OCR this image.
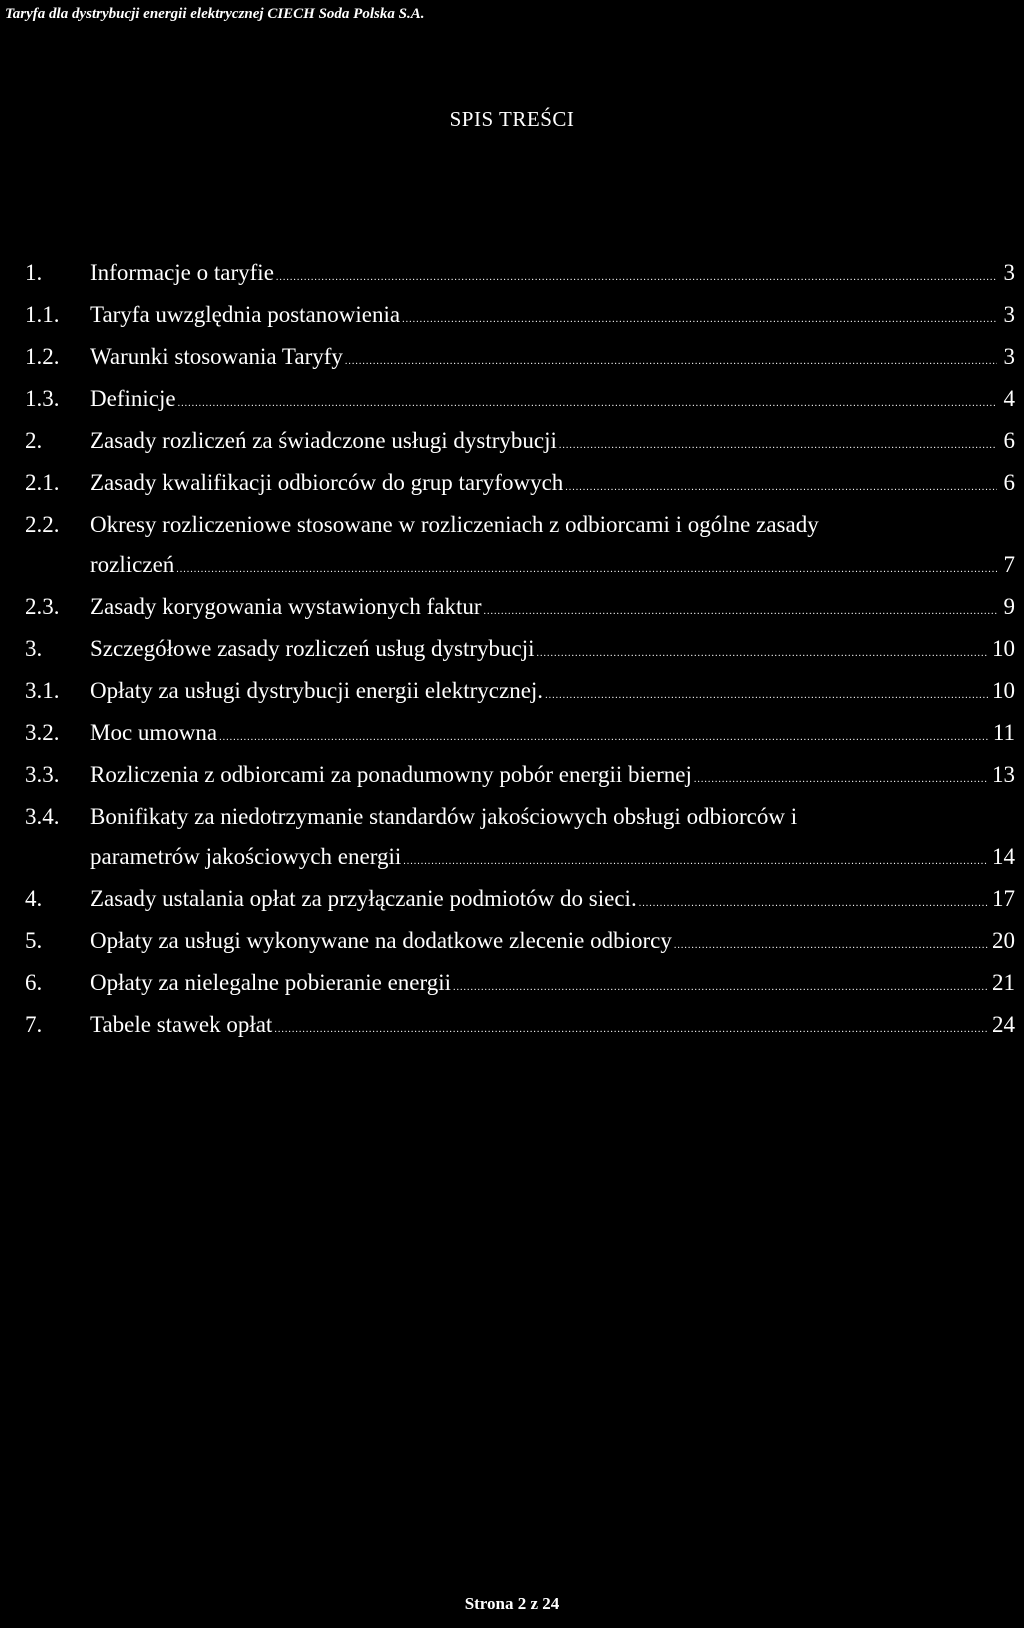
Taryfa dla dystrybucji energii elektrycznej CIECH Soda Polska S.A.
SPIS TREŚCI
1.	Informacje o taryfie .....	3
1.1.	Taryfa uwzględnia postanowienia .....	3
1.2.	Warunki stosowania Taryfy .....	3
1.3.	Definicje .....	4
2.	Zasady rozliczeń za świadczone usługi dystrybucji .....	6
2.1.	Zasady kwalifikacji odbiorców do grup taryfowych .....	6
2.2.	Okresy rozliczeniowe stosowane w rozliczeniach z odbiorcami i ogólne zasady
rozliczeń .....	7
2.3.	Zasady korygowania wystawionych faktur .....	9
3.	Szczegółowe zasady rozliczeń usług dystrybucji .....	10
3.1.	Opłaty za usługi dystrybucji energii elektrycznej. .....	10
3.2.	Moc umowna .....	11
3.3.	Rozliczenia z odbiorcami za ponadumowny pobór energii biernej .....	13
3.4.	Bonifikaty za niedotrzymanie standardów jakościowych obsługi odbiorców i
parametrów jakościowych energii .....	14
4.	Zasady ustalania opłat za przyłączanie podmiotów do sieci. .....	17
5.	Opłaty za usługi wykonywane na dodatkowe zlecenie odbiorcy .....	20
6.	Opłaty za nielegalne pobieranie energii .....	21
7.	Tabele stawek opłat .....	24
Strona 2 z 24
